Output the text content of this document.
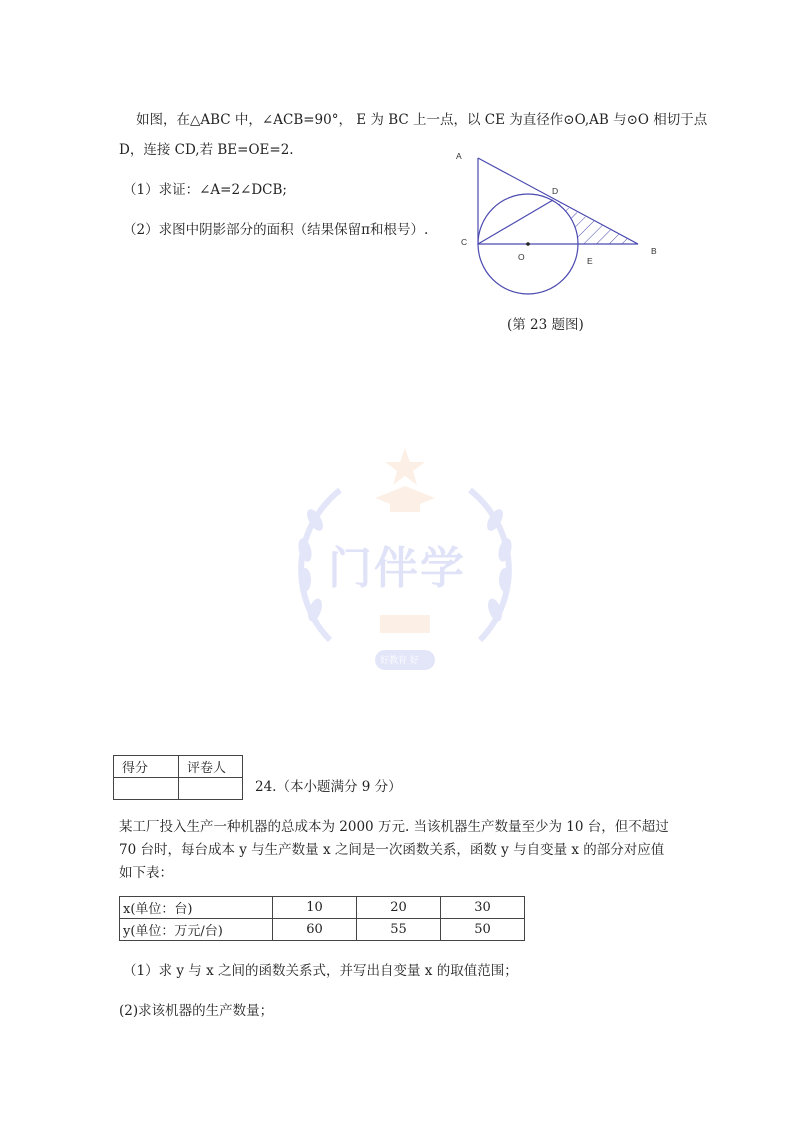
如图，在△ABC 中，∠ACB=90°， E 为 BC 上一点，以 CE 为直径作⊙O,AB 与⊙O 相切于点
D，连接 CD,若 BE=OE=2.
（1）求证：∠A=2∠DCB;
（2）求图中阴影部分的面积（结果保留π和根号）.
A
D
C
O	E
B
(第 23 题图)
门伴学
好教育 好
得分	评卷人

24.（本小题满分 9 分）
某工厂投入生产一种机器的总成本为 2000 万元. 当该机器生产数量至少为 10 台，但不超过
70 台时，每台成本 y 与生产数量 x 之间是一次函数关系，函数 y 与自变量 x 的部分对应值
如下表：
x(单位：台)	10	20	30
y(单位：万元/台)	60	55	50
（1）求 y 与 x 之间的函数关系式，并写出自变量 x 的取值范围；
(2)求该机器的生产数量；
